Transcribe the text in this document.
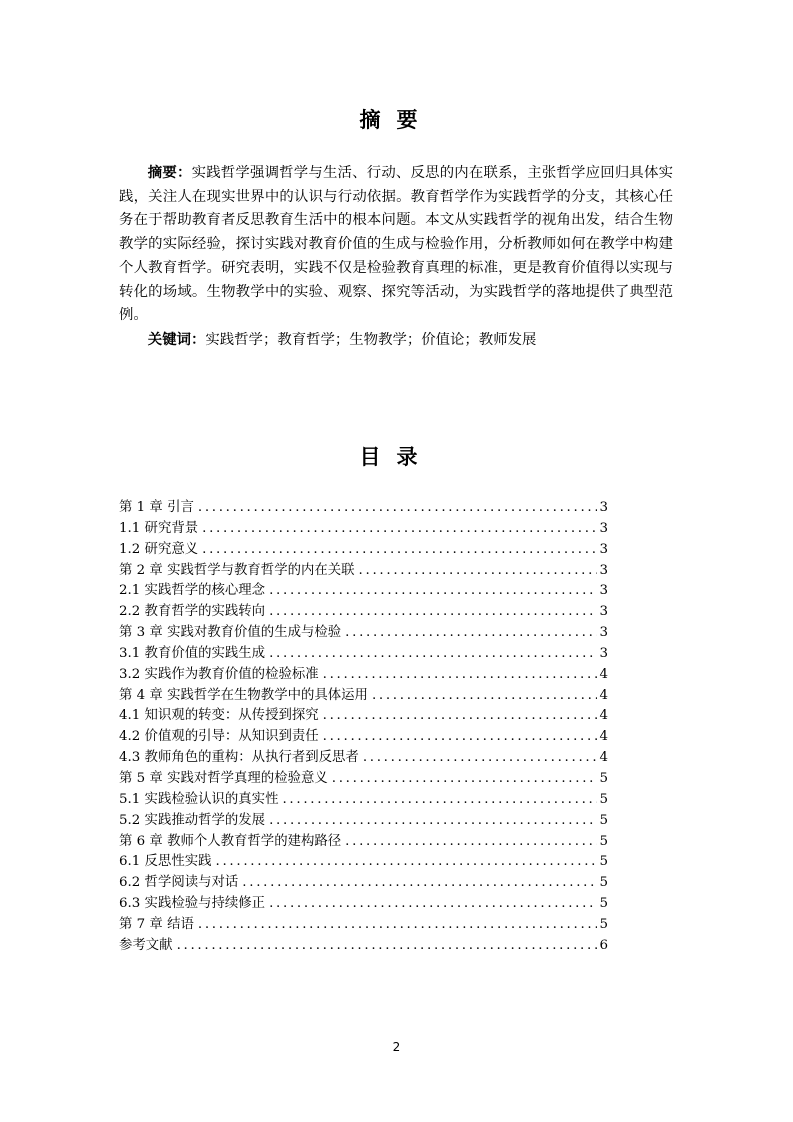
摘要

摘要：实践哲学强调哲学与生活、行动、反思的内在联系，主张哲学应回归具体实践，关注人在现实世界中的认识与行动依据。教育哲学作为实践哲学的分支，其核心任务在于帮助教育者反思教育生活中的根本问题。本文从实践哲学的视角出发，结合生物教学的实际经验，探讨实践对教育价值的生成与检验作用，分析教师如何在教学中构建个人教育哲学。研究表明，实践不仅是检验教育真理的标准，更是教育价值得以实现与转化的场域。生物教学中的实验、观察、探究等活动，为实践哲学的落地提供了典型范例。

关键词：实践哲学；教育哲学；生物教学；价值论；教师发展

目录
第 1 章 引言 .....	3
1.1 研究背景 .....	3
1.2 研究意义 .....	3
第 2 章 实践哲学与教育哲学的内在关联 .....	3
2.1 实践哲学的核心理念 .....	3
2.2 教育哲学的实践转向 .....	3
第 3 章 实践对教育价值的生成与检验 .....	3
3.1 教育价值的实践生成 .....	3
3.2 实践作为教育价值的检验标准 .....	4
第 4 章 实践哲学在生物教学中的具体运用 .....	4
4.1 知识观的转变：从传授到探究 .....	4
4.2 价值观的引导：从知识到责任 .....	4
4.3 教师角色的重构：从执行者到反思者 .....	4
第 5 章 实践对哲学真理的检验意义 .....	5
5.1 实践检验认识的真实性 .....	5
5.2 实践推动哲学的发展 .....	5
第 6 章 教师个人教育哲学的建构路径 .....	5
6.1 反思性实践 .....	5
6.2 哲学阅读与对话 .....	5
6.3 实践检验与持续修正 .....	5
第 7 章 结语 .....	5
参考文献 .....	6
2
